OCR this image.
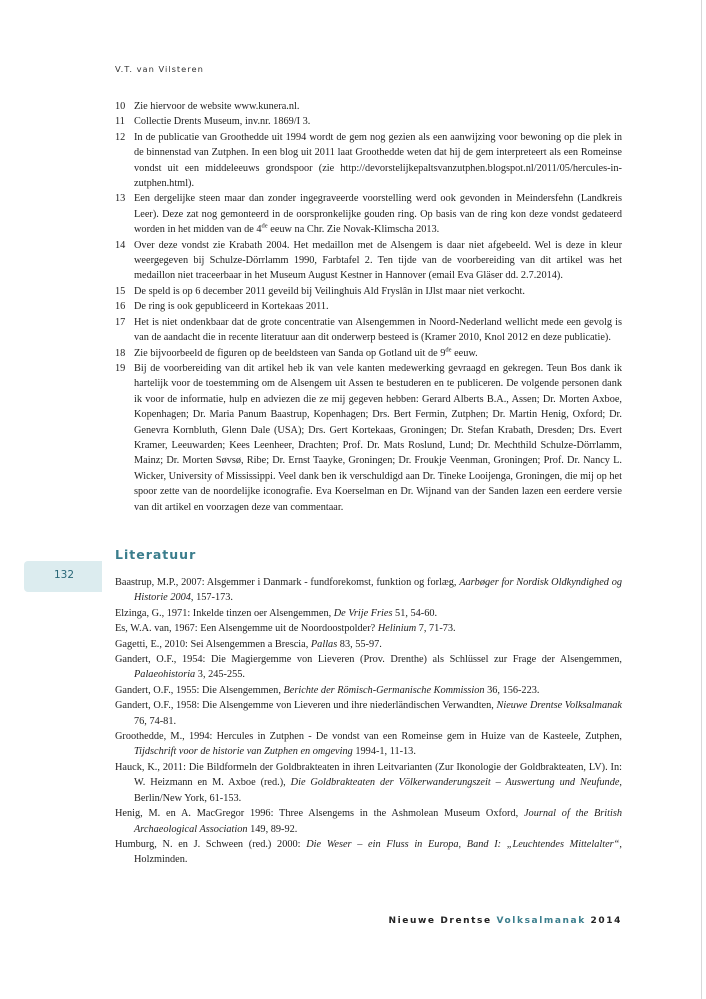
V.T. van Vilsteren
10 Zie hiervoor de website www.kunera.nl.
11 Collectie Drents Museum, inv.nr. 1869/I 3.
12 In de publicatie van Groothedde uit 1994 wordt de gem nog gezien als een aanwijzing voor bewoning op die plek in de binnenstad van Zutphen. In een blog uit 2011 laat Groothedde weten dat hij de gem interpreteert als een Romeinse vondst uit een middeleeuws grondspoor (zie http://devorstelijkepaltsvanzutphen.blogspot.nl/2011/05/hercules-in-zutphen.html).
13 Een dergelijke steen maar dan zonder ingegraveerde voorstelling werd ook gevonden in Meindersfehn (Landkreis Leer). Deze zat nog gemonteerd in de oorspronkelijke gouden ring. Op basis van de ring kon deze vondst gedateerd worden in het midden van de 4de eeuw na Chr. Zie Novak-Klimscha 2013.
14 Over deze vondst zie Krabath 2004. Het medaillon met de Alsengem is daar niet afgebeeld. Wel is deze in kleur weergegeven bij Schulze-Dörrlamm 1990, Farbtafel 2. Ten tijde van de voorbereiding van dit artikel was het medaillon niet traceerbaar in het Museum August Kestner in Hannover (email Eva Gläser dd. 2.7.2014).
15 De speld is op 6 december 2011 geveild bij Veilinghuis Ald Fryslân in IJlst maar niet verkocht.
16 De ring is ook gepubliceerd in Kortekaas 2011.
17 Het is niet ondenkbaar dat de grote concentratie van Alsengemmen in Noord-Nederland wellicht mede een gevolg is van de aandacht die in recente literatuur aan dit onderwerp besteed is (Kramer 2010, Knol 2012 en deze publicatie).
18 Zie bijvoorbeeld de figuren op de beeldsteen van Sanda op Gotland uit de 9de eeuw.
19 Bij de voorbereiding van dit artikel heb ik van vele kanten medewerking gevraagd en gekregen. Teun Bos dank ik hartelijk voor de toestemming om de Alsengem uit Assen te bestuderen en te publiceren. De volgende personen dank ik voor de informatie, hulp en adviezen die ze mij gegeven hebben: Gerard Alberts B.A., Assen; Dr. Morten Axboe, Kopenhagen; Dr. Maria Panum Baastrup, Kopenhagen; Drs. Bert Fermin, Zutphen; Dr. Martin Henig, Oxford; Dr. Genevra Kornbluth, Glenn Dale (USA); Drs. Gert Kortekaas, Groningen; Dr. Stefan Krabath, Dresden; Drs. Evert Kramer, Leeuwarden; Kees Leenheer, Drachten; Prof. Dr. Mats Roslund, Lund; Dr. Mechthild Schulze-Dörrlamm, Mainz; Dr. Morten Søvsø, Ribe; Dr. Ernst Taayke, Groningen; Dr. Froukje Veenman, Groningen; Prof. Dr. Nancy L. Wicker, University of Mississippi. Veel dank ben ik verschuldigd aan Dr. Tineke Looijenga, Groningen, die mij op het spoor zette van de noordelijke iconografie. Eva Koerselman en Dr. Wijnand van der Sanden lazen een eerdere versie van dit artikel en voorzagen deze van commentaar.
Literatuur
132
Baastrup, M.P., 2007: Alsgemmer i Danmark - fundforekomst, funktion og forlæg, Aarbøger for Nordisk Oldkyndighed og Historie 2004, 157-173.
Elzinga, G., 1971: Inkelde tinzen oer Alsengemmen, De Vrije Fries 51, 54-60.
Es, W.A. van, 1967: Een Alsengemme uit de Noordoostpolder? Helinium 7, 71-73.
Gagetti, E., 2010: Sei Alsengemmen a Brescia, Pallas 83, 55-97.
Gandert, O.F., 1954: Die Magiergemme von Lieveren (Prov. Drenthe) als Schlüssel zur Frage der Alsengemmen, Palaeohistoria 3, 245-255.
Gandert, O.F., 1955: Die Alsengemmen, Berichte der Römisch-Germanische Kommission 36, 156-223.
Gandert, O.F., 1958: Die Alsengemme von Lieveren und ihre niederländischen Verwandten, Nieuwe Drentse Volksalmanak 76, 74-81.
Groothedde, M., 1994: Hercules in Zutphen - De vondst van een Romeinse gem in Huize van de Kasteele, Zutphen, Tijdschrift voor de historie van Zutphen en omgeving 1994-1, 11-13.
Hauck, K., 2011: Die Bildformeln der Goldbrakteaten in ihren Leitvarianten (Zur Ikonologie der Goldbrakteaten, LV). In: W. Heizmann en M. Axboe (red.), Die Goldbrakteaten der Völkerwanderungszeit – Auswertung und Neufunde, Berlin/New York, 61-153.
Henig, M. en A. MacGregor 1996: Three Alsengems in the Ashmolean Museum Oxford, Journal of the British Archaeological Association 149, 89-92.
Humburg, N. en J. Schween (red.) 2000: Die Weser – ein Fluss in Europa, Band I: „Leuchtendes Mittelalter“, Holzminden.
Nieuwe Drentse Volksalmanak 2014
